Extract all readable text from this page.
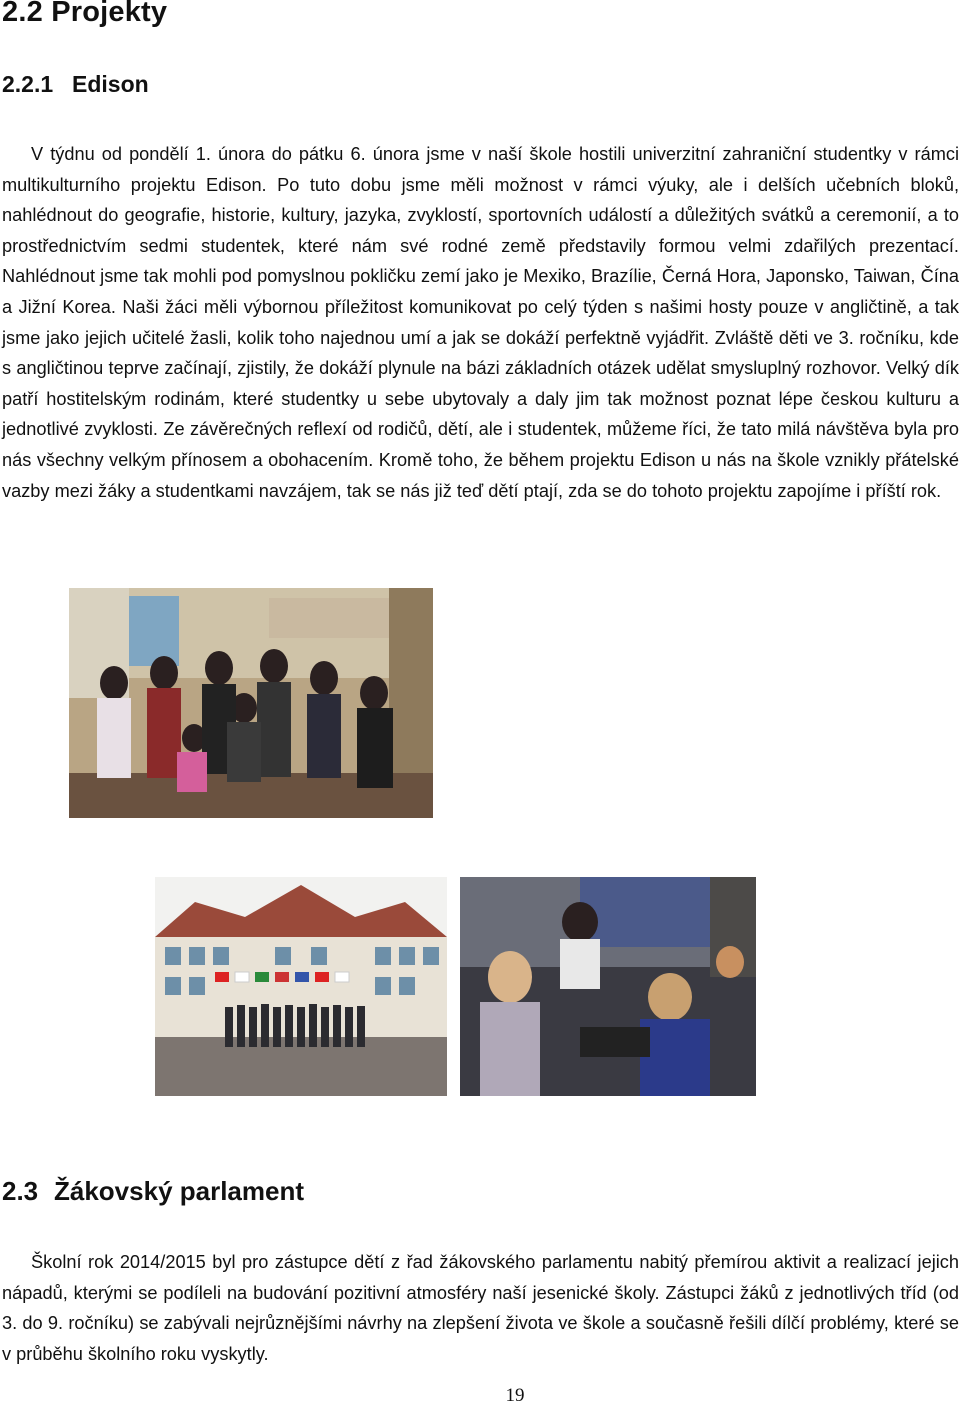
2.2 Projekty
2.2.1 Edison

V týdnu od pondělí 1. února do pátku 6. února jsme v naší škole hostili univerzitní zahraniční studentky v rámci multikulturního projektu Edison. Po tuto dobu jsme měli možnost v rámci výuky, ale i delších učebních bloků, nahlédnout do geografie, historie, kultury, jazyka, zvyklostí, sportovních událostí a důležitých svátků a ceremonií, a to prostřednictvím sedmi studentek, které nám své rodné země představily formou velmi zdařilých prezentací. Nahlédnout jsme tak mohli pod pomyslnou pokličku zemí jako je Mexiko, Brazílie, Černá Hora, Japonsko, Taiwan, Čína a Jižní Korea. Naši žáci měli výbornou příležitost komunikovat po celý týden s našimi hosty pouze v angličtině, a tak jsme jako jejich učitelé žasli, kolik toho najednou umí a jak se dokáží perfektně vyjádřit. Zvláště děti ve 3. ročníku, kde s angličtinou teprve začínají, zjistily, že dokáží plynule na bázi základních otázek udělat smysluplný rozhovor. Velký dík patří hostitelským rodinám, které studentky u sebe ubytovaly a daly jim tak možnost poznat lépe českou kulturu a jednotlivé zvyklosti. Ze závěrečných reflexí od rodičů, dětí, ale i studentek, můžeme říci, že tato milá návštěva byla pro nás všechny velkým přínosem a obohacením. Kromě toho, že během projektu Edison u nás na škole vznikly přátelské vazby mezi žáky a studentkami navzájem, tak se nás již teď dětí ptají, zda se do tohoto projektu zapojíme i příští rok.

2.3 Žákovský parlament

Školní rok 2014/2015 byl pro zástupce dětí z řad žákovského parlamentu nabitý přemírou aktivit a realizací jejich nápadů, kterými se podíleli na budování pozitivní atmosféry naší jesenické školy. Zástupci žáků z jednotlivých tříd (od 3. do 9. ročníku) se zabývali nejrůznějšími návrhy na zlepšení života ve škole a současně řešili dílčí problémy, které se v průběhu školního roku vyskytly.

19
